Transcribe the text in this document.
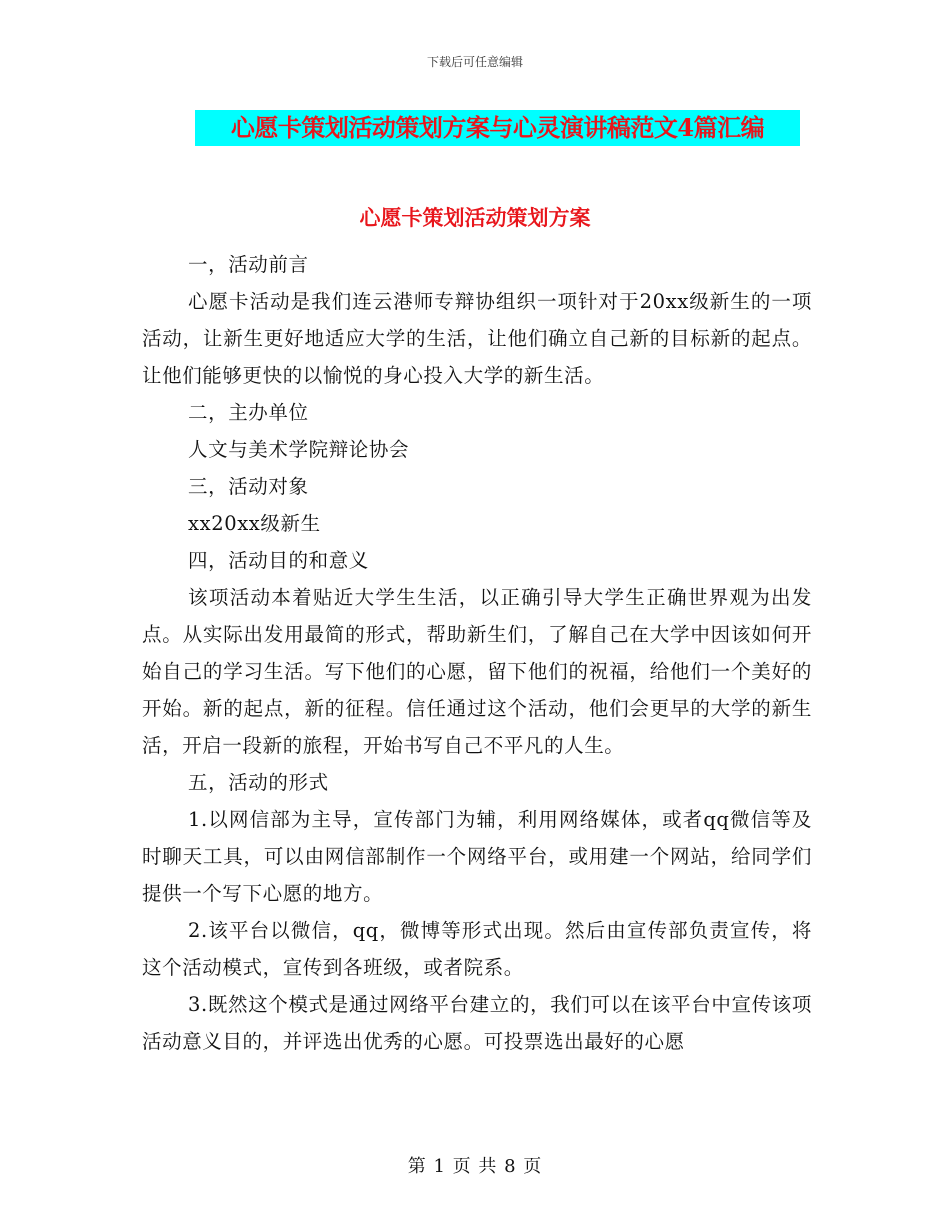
下载后可任意编辑
心愿卡策划活动策划方案与心灵演讲稿范文4篇汇编
心愿卡策划活动策划方案

一，活动前言

心愿卡活动是我们连云港师专辩协组织一项针对于20xx级新生的一项活动，让新生更好地适应大学的生活，让他们确立自己新的目标新的起点。让他们能够更快的以愉悦的身心投入大学的新生活。

二，主办单位

人文与美术学院辩论协会

三，活动对象

xx20xx级新生

四，活动目的和意义

该项活动本着贴近大学生生活，以正确引导大学生正确世界观为出发点。从实际出发用最简的形式，帮助新生们，了解自己在大学中因该如何开始自己的学习生活。写下他们的心愿，留下他们的祝福，给他们一个美好的开始。新的起点，新的征程。信任通过这个活动，他们会更早的大学的新生活，开启一段新的旅程，开始书写自己不平凡的人生。

五，活动的形式

1.以网信部为主导，宣传部门为辅，利用网络媒体，或者qq微信等及时聊天工具，可以由网信部制作一个网络平台，或用建一个网站，给同学们提供一个写下心愿的地方。

2.该平台以微信，qq，微博等形式出现。然后由宣传部负责宣传，将这个活动模式，宣传到各班级，或者院系。

3.既然这个模式是通过网络平台建立的，我们可以在该平台中宣传该项活动意义目的，并评选出优秀的心愿。可投票选出最好的心愿

第 1 页 共 8 页
